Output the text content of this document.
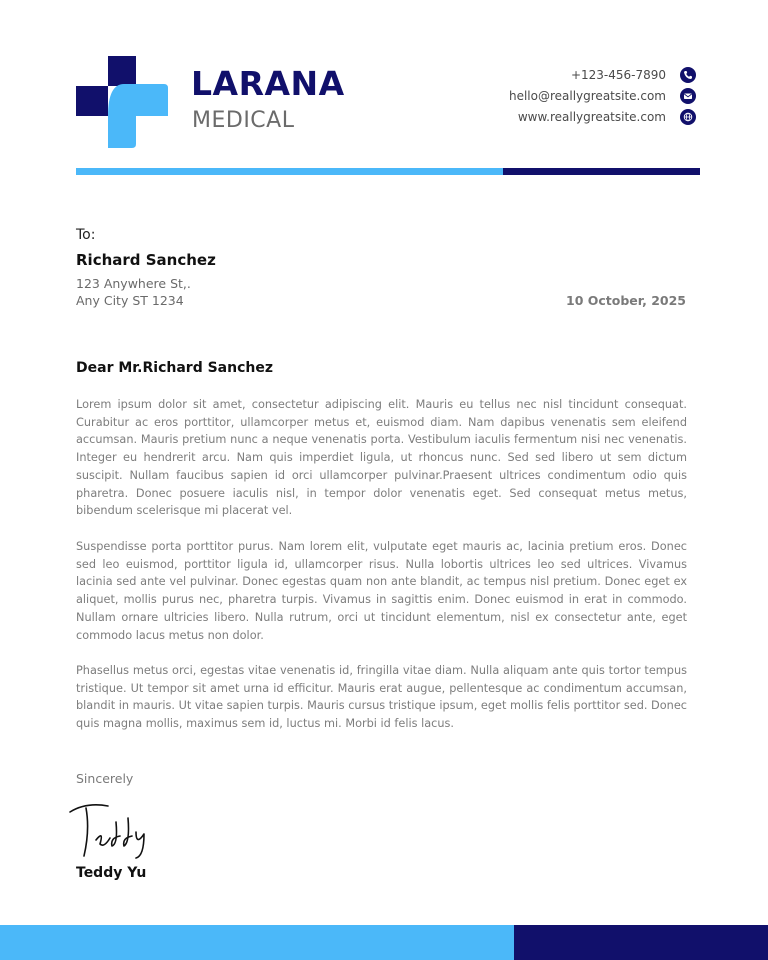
LARANA
MEDICAL
+123-456-7890
hello@reallygreatsite.com
www.reallygreatsite.com
To:
Richard Sanchez
123 Anywhere St,.
Any City ST 1234	10 October, 2025
Dear Mr.Richard Sanchez

Lorem ipsum dolor sit amet, consectetur adipiscing elit. Mauris eu tellus nec nisl tincidunt consequat. Curabitur ac eros porttitor, ullamcorper metus et, euismod diam. Nam dapibus venenatis sem eleifend accumsan. Mauris pretium nunc a neque venenatis porta. Vestibulum iaculis fermentum nisi nec venenatis. Integer eu hendrerit arcu. Nam quis imperdiet ligula, ut rhoncus nunc. Sed sed libero ut sem dictum suscipit. Nullam faucibus sapien id orci ullamcorper pulvinar.Praesent ultrices condimentum odio quis pharetra. Donec posuere iaculis nisl, in tempor dolor venenatis eget. Sed consequat metus metus, bibendum scelerisque mi placerat vel.

Suspendisse porta porttitor purus. Nam lorem elit, vulputate eget mauris ac, lacinia pretium eros. Donec sed leo euismod, porttitor ligula id, ullamcorper risus. Nulla lobortis ultrices leo sed ultrices. Vivamus lacinia sed ante vel pulvinar. Donec egestas quam non ante blandit, ac tempus nisl pretium. Donec eget ex aliquet, mollis purus nec, pharetra turpis. Vivamus in sagittis enim. Donec euismod in erat in commodo. Nullam ornare ultricies libero. Nulla rutrum, orci ut tincidunt elementum, nisl ex consectetur ante, eget commodo lacus metus non dolor.

Phasellus metus orci, egestas vitae venenatis id, fringilla vitae diam. Nulla aliquam ante quis tortor tempus tristique. Ut tempor sit amet urna id efficitur. Mauris erat augue, pellentesque ac condimentum accumsan, blandit in mauris. Ut vitae sapien turpis. Mauris cursus tristique ipsum, eget mollis felis porttitor sed. Donec quis magna mollis, maximus sem id, luctus mi. Morbi id felis lacus.

Sincerely
Teddy Yu
